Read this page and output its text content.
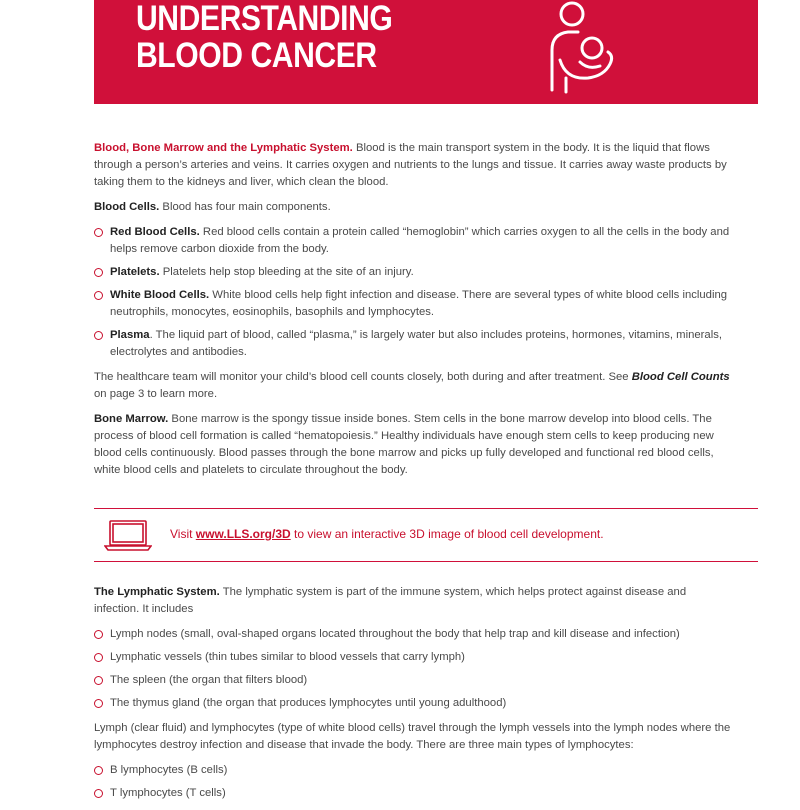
UNDERSTANDING
BLOOD CANCER

Blood, Bone Marrow and the Lymphatic System. Blood is the main transport system in the body. It is the liquid that flows through a person’s arteries and veins. It carries oxygen and nutrients to the lungs and tissue. It carries away waste products by taking them to the kidneys and liver, which clean the blood.

Blood Cells. Blood has four main components.

Red Blood Cells. Red blood cells contain a protein called “hemoglobin” which carries oxygen to all the cells in the body and helps remove carbon dioxide from the body.
Platelets. Platelets help stop bleeding at the site of an injury.
White Blood Cells. White blood cells help fight infection and disease. There are several types of white blood cells including neutrophils, monocytes, eosinophils, basophils and lymphocytes.
Plasma. The liquid part of blood, called “plasma,” is largely water but also includes proteins, hormones, vitamins, minerals, electrolytes and antibodies.

The healthcare team will monitor your child’s blood cell counts closely, both during and after treatment. See Blood Cell Counts on page 3 to learn more.

Bone Marrow. Bone marrow is the spongy tissue inside bones. Stem cells in the bone marrow develop into blood cells. The process of blood cell formation is called “hematopoiesis.” Healthy individuals have enough stem cells to keep producing new blood cells continuously. Blood passes through the bone marrow and picks up fully developed and functional red blood cells, white blood cells and platelets to circulate throughout the body.

Visit www.LLS.org/3D to view an interactive 3D image of blood cell development.

The Lymphatic System. The lymphatic system is part of the immune system, which helps protect against disease and infection. It includes

Lymph nodes (small, oval-shaped organs located throughout the body that help trap and kill disease and infection)
Lymphatic vessels (thin tubes similar to blood vessels that carry lymph)
The spleen (the organ that filters blood)
The thymus gland (the organ that produces lymphocytes until young adulthood)

Lymph (clear fluid) and lymphocytes (type of white blood cells) travel through the lymph vessels into the lymph nodes where the lymphocytes destroy infection and disease that invade the body. There are three main types of lymphocytes:

B lymphocytes (B cells)
T lymphocytes (T cells)
